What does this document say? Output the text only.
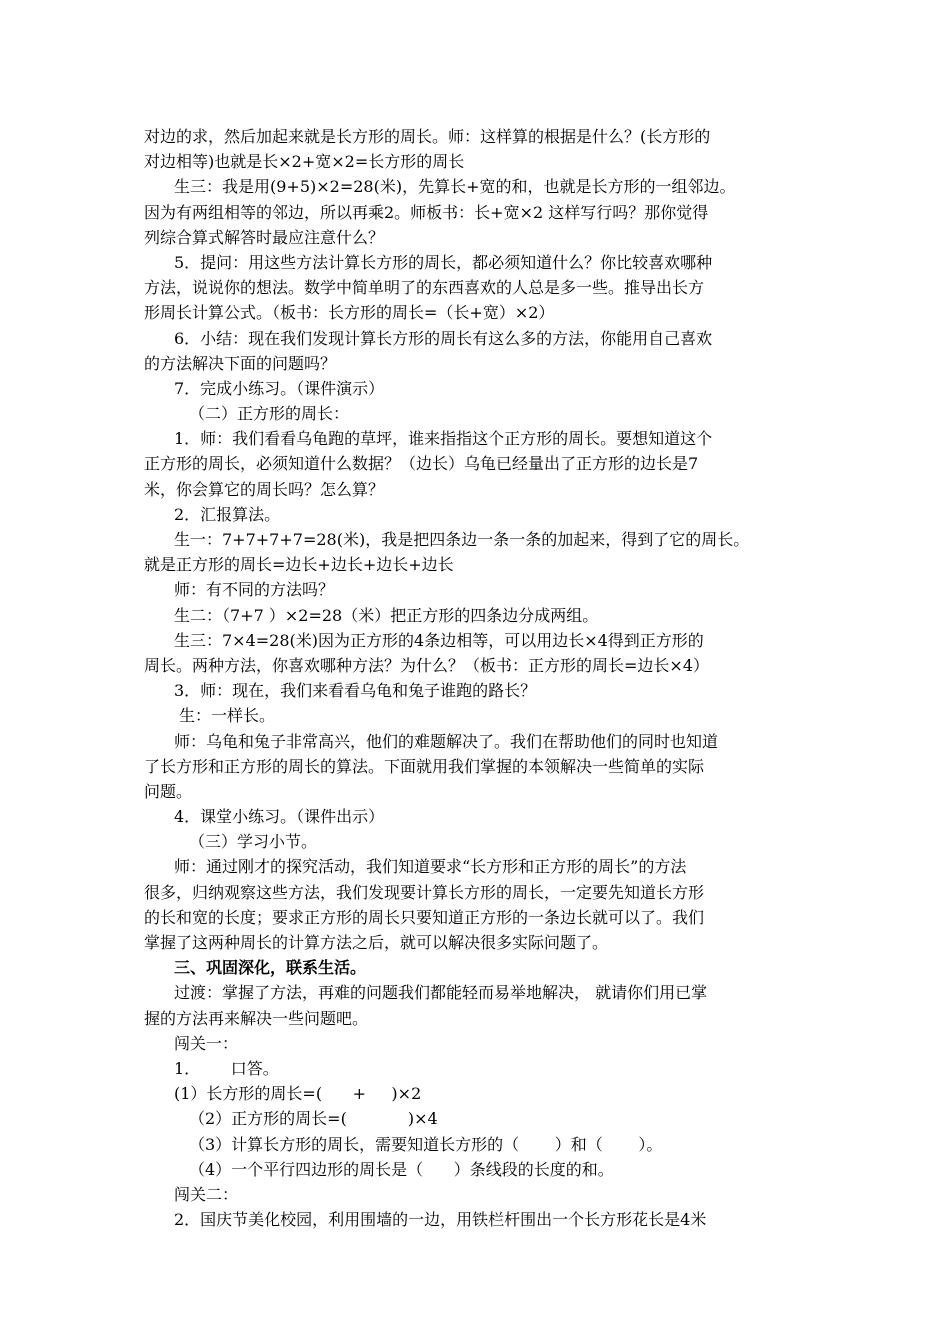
对边的求，然后加起来就是长方形的周长。师：这样算的根据是什么？(长方形的
对边相等)也就是长×2+宽×2=长方形的周长
生三：我是用(9+5)×2=28(米)，先算长+宽的和，也就是长方形的一组邻边。
因为有两组相等的邻边，所以再乘2。师板书：长+宽×2 这样写行吗？那你觉得
列综合算式解答时最应注意什么？
5．提问：用这些方法计算长方形的周长，都必须知道什么？你比较喜欢哪种
方法，说说你的想法。数学中简单明了的东西喜欢的人总是多一些。推导出长方
形周长计算公式。（板书：长方形的周长=（长+宽）×2）
6．小结：现在我们发现计算长方形的周长有这么多的方法，你能用自己喜欢
的方法解决下面的问题吗？
7．完成小练习。（课件演示）
（二）正方形的周长：
1．师：我们看看乌龟跑的草坪，谁来指指这个正方形的周长。要想知道这个
正方形的周长，必须知道什么数据？（边长）乌龟已经量出了正方形的边长是7
米，你会算它的周长吗？怎么算？
2．汇报算法。
生一：7+7+7+7=28(米)，我是把四条边一条一条的加起来，得到了它的周长。
就是正方形的周长=边长+边长+边长+边长
师：有不同的方法吗？
生二：（7+7 ）×2=28（米）把正方形的四条边分成两组。
生三：7×4=28(米)因为正方形的4条边相等，可以用边长×4得到正方形的
周长。两种方法，你喜欢哪种方法？为什么？（板书：正方形的周长=边长×4）
3．师：现在，我们来看看乌龟和兔子谁跑的路长？
生：一样长。
师：乌龟和兔子非常高兴，他们的难题解决了。我们在帮助他们的同时也知道
了长方形和正方形的周长的算法。下面就用我们掌握的本领解决一些简单的实际
问题。
4．课堂小练习。（课件出示）
（三）学习小节。
师：通过刚才的探究活动，我们知道要求“长方形和正方形的周长”的方法
很多，归纳观察这些方法，我们发现要计算长方形的周长，一定要先知道长方形
的长和宽的长度；要求正方形的周长只要知道正方形的一条边长就可以了。我们
掌握了这两种周长的计算方法之后，就可以解决很多实际问题了。
三、巩固深化，联系生活。
过渡：掌握了方法，再难的问题我们都能轻而易举地解决， 就请你们用已掌
握的方法再来解决一些问题吧。
闯关一：
1．      口答。
(1）长方形的周长=(      +     )×2
（2）正方形的周长=(            )×4
（3）计算长方形的周长，需要知道长方形的（       ）和（       ）。
（4）一个平行四边形的周长是（      ）条线段的长度的和。
闯关二：
2．国庆节美化校园，利用围墙的一边，用铁栏杆围出一个长方形花长是4米
